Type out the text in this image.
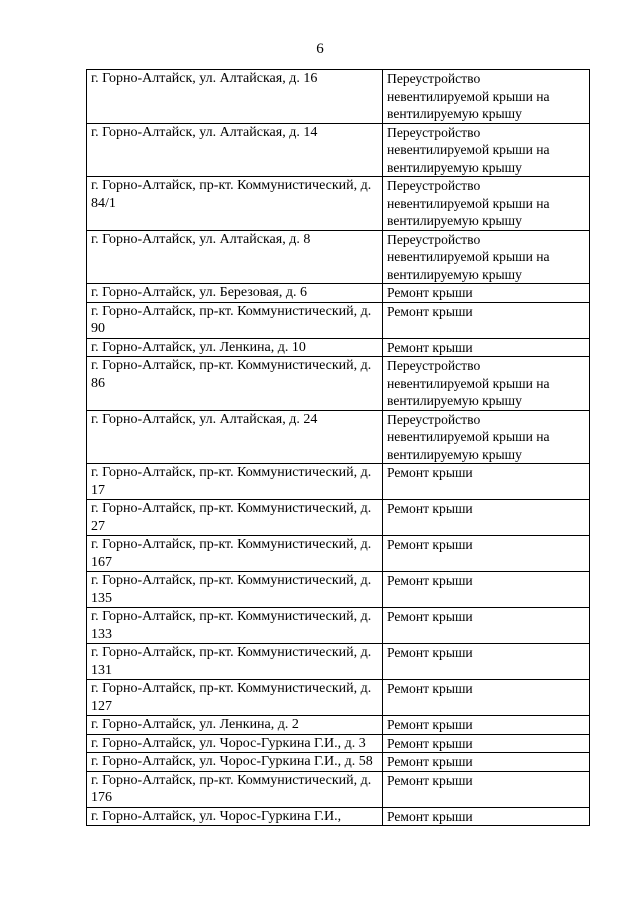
6
г. Горно-Алтайск, ул. Алтайская, д. 16	Переустройство невентилируемой крыши на вентилируемую крышу
г. Горно-Алтайск, ул. Алтайская, д. 14	Переустройство невентилируемой крыши на вентилируемую крышу
г. Горно-Алтайск, пр-кт. Коммунистический, д. 84/1	Переустройство невентилируемой крыши на вентилируемую крышу
г. Горно-Алтайск, ул. Алтайская, д. 8	Переустройство невентилируемой крыши на вентилируемую крышу
г. Горно-Алтайск, ул. Березовая, д. 6	Ремонт крыши
г. Горно-Алтайск, пр-кт. Коммунистический, д. 90	Ремонт крыши
г. Горно-Алтайск, ул. Ленкина, д. 10	Ремонт крыши
г. Горно-Алтайск, пр-кт. Коммунистический, д. 86	Переустройство невентилируемой крыши на вентилируемую крышу
г. Горно-Алтайск, ул. Алтайская, д. 24	Переустройство невентилируемой крыши на вентилируемую крышу
г. Горно-Алтайск, пр-кт. Коммунистический, д. 17	Ремонт крыши
г. Горно-Алтайск, пр-кт. Коммунистический, д. 27	Ремонт крыши
г. Горно-Алтайск, пр-кт. Коммунистический, д. 167	Ремонт крыши
г. Горно-Алтайск, пр-кт. Коммунистический, д. 135	Ремонт крыши
г. Горно-Алтайск, пр-кт. Коммунистический, д. 133	Ремонт крыши
г. Горно-Алтайск, пр-кт. Коммунистический, д. 131	Ремонт крыши
г. Горно-Алтайск, пр-кт. Коммунистический, д. 127	Ремонт крыши
г. Горно-Алтайск, ул. Ленкина, д. 2	Ремонт крыши
г. Горно-Алтайск, ул. Чорос-Гуркина Г.И., д. 3	Ремонт крыши
г. Горно-Алтайск, ул. Чорос-Гуркина Г.И., д. 58	Ремонт крыши
г. Горно-Алтайск, пр-кт. Коммунистический, д. 176	Ремонт крыши
г. Горно-Алтайск, ул. Чорос-Гуркина Г.И.,	Ремонт крыши
